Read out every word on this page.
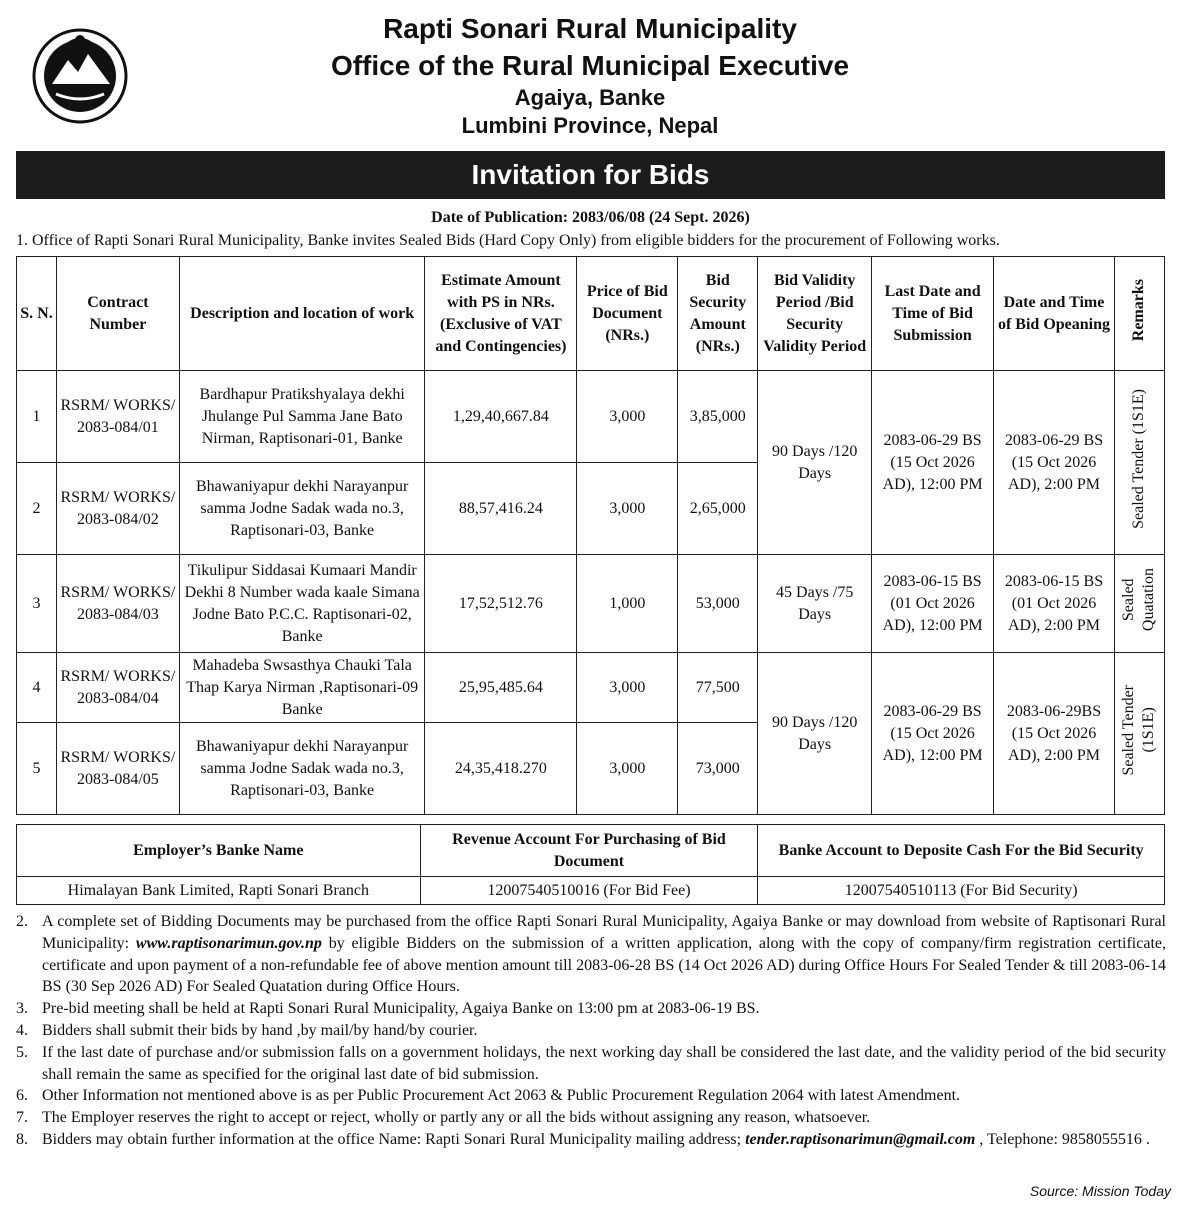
Rapti Sonari Rural Municipality
Office of the Rural Municipal Executive
Agaiya, Banke
Lumbini Province, Nepal
Invitation for Bids
Date of Publication: 2083/06/08 (24 Sept. 2026)
1. Office of Rapti Sonari Rural Municipality, Banke invites Sealed Bids (Hard Copy Only) from eligible bidders for the procurement of Following works.
S. N.	Contract Number	Description and location of work	Estimate Amount with PS in NRs. (Exclusive of VAT and Contingencies)	Price of Bid Document (NRs.)	Bid Security Amount (NRs.)	Bid Validity Period /Bid Security Validity Period	Last Date and Time of Bid Submission	Date and Time of Bid Opeaning	Remarks
1	RSRM/ WORKS/ 2083-084/01	Bardhapur Pratikshyalaya dekhi Jhulange Pul Samma Jane Bato Nirman, Raptisonari-01, Banke	1,29,40,667.84	3,000	3,85,000	90 Days /120 Days	2083-06-29 BS (15 Oct 2026 AD), 12:00 PM	2083-06-29 BS (15 Oct 2026 AD), 2:00 PM	Sealed Tender (1S1E)
2	RSRM/ WORKS/ 2083-084/02	Bhawaniyapur dekhi Narayanpur samma Jodne Sadak wada no.3, Raptisonari-03, Banke	88,57,416.24	3,000	2,65,000				
3	RSRM/ WORKS/ 2083-084/03	Tikulipur Siddasai Kumaari Mandir Dekhi 8 Number wada kaale Simana Jodne Bato P.C.C. Raptisonari-02, Banke	17,52,512.76	1,000	53,000	45 Days /75 Days	2083-06-15 BS (01 Oct 2026 AD), 12:00 PM	2083-06-15 BS (01 Oct 2026 AD), 2:00 PM	Sealed Quatation
4	RSRM/ WORKS/ 2083-084/04	Mahadeba Swsasthya Chauki Tala Thap Karya Nirman ,Raptisonari-09 Banke	25,95,485.64	3,000	77,500	90 Days /120 Days	2083-06-29 BS (15 Oct 2026 AD), 12:00 PM	2083-06-29BS (15 Oct 2026 AD), 2:00 PM	Sealed Tender (1S1E)
5	RSRM/ WORKS/ 2083-084/05	Bhawaniyapur dekhi Narayanpur samma Jodne Sadak wada no.3, Raptisonari-03, Banke	24,35,418.270	3,000	73,000				
Employer’s Banke Name	Revenue Account For Purchasing of Bid Document	Banke Account to Deposite Cash For the Bid Security
Himalayan Bank Limited, Rapti Sonari Branch	12007540510016 (For Bid Fee)	12007540510113 (For Bid Security)
2. A complete set of Bidding Documents may be purchased from the office Rapti Sonari Rural Municipality, Agaiya Banke or may download from website of Raptisonari Rural Municipality: www.raptisonarimun.gov.np by eligible Bidders on the submission of a written application, along with the copy of company/firm registration certificate, certificate and upon payment of a non-refundable fee of above mention amount till 2083-06-28 BS (14 Oct 2026 AD) during Office Hours For Sealed Tender & till 2083-06-14 BS (30 Sep 2026 AD) For Sealed Quatation during Office Hours.
3. Pre-bid meeting shall be held at Rapti Sonari Rural Municipality, Agaiya Banke on 13:00 pm at 2083-06-19 BS.
4. Bidders shall submit their bids by hand ,by mail/by hand/by courier.
5. If the last date of purchase and/or submission falls on a government holidays, the next working day shall be considered the last date, and the validity period of the bid security shall remain the same as specified for the original last date of bid submission.
6. Other Information not mentioned above is as per Public Procurement Act 2063 & Public Procurement Regulation 2064 with latest Amendment.
7. The Employer reserves the right to accept or reject, wholly or partly any or all the bids without assigning any reason, whatsoever.
8. Bidders may obtain further information at the office Name: Rapti Sonari Rural Municipality mailing address; tender.raptisonarimun@gmail.com , Telephone: 9858055516 .
Source: Mission Today
